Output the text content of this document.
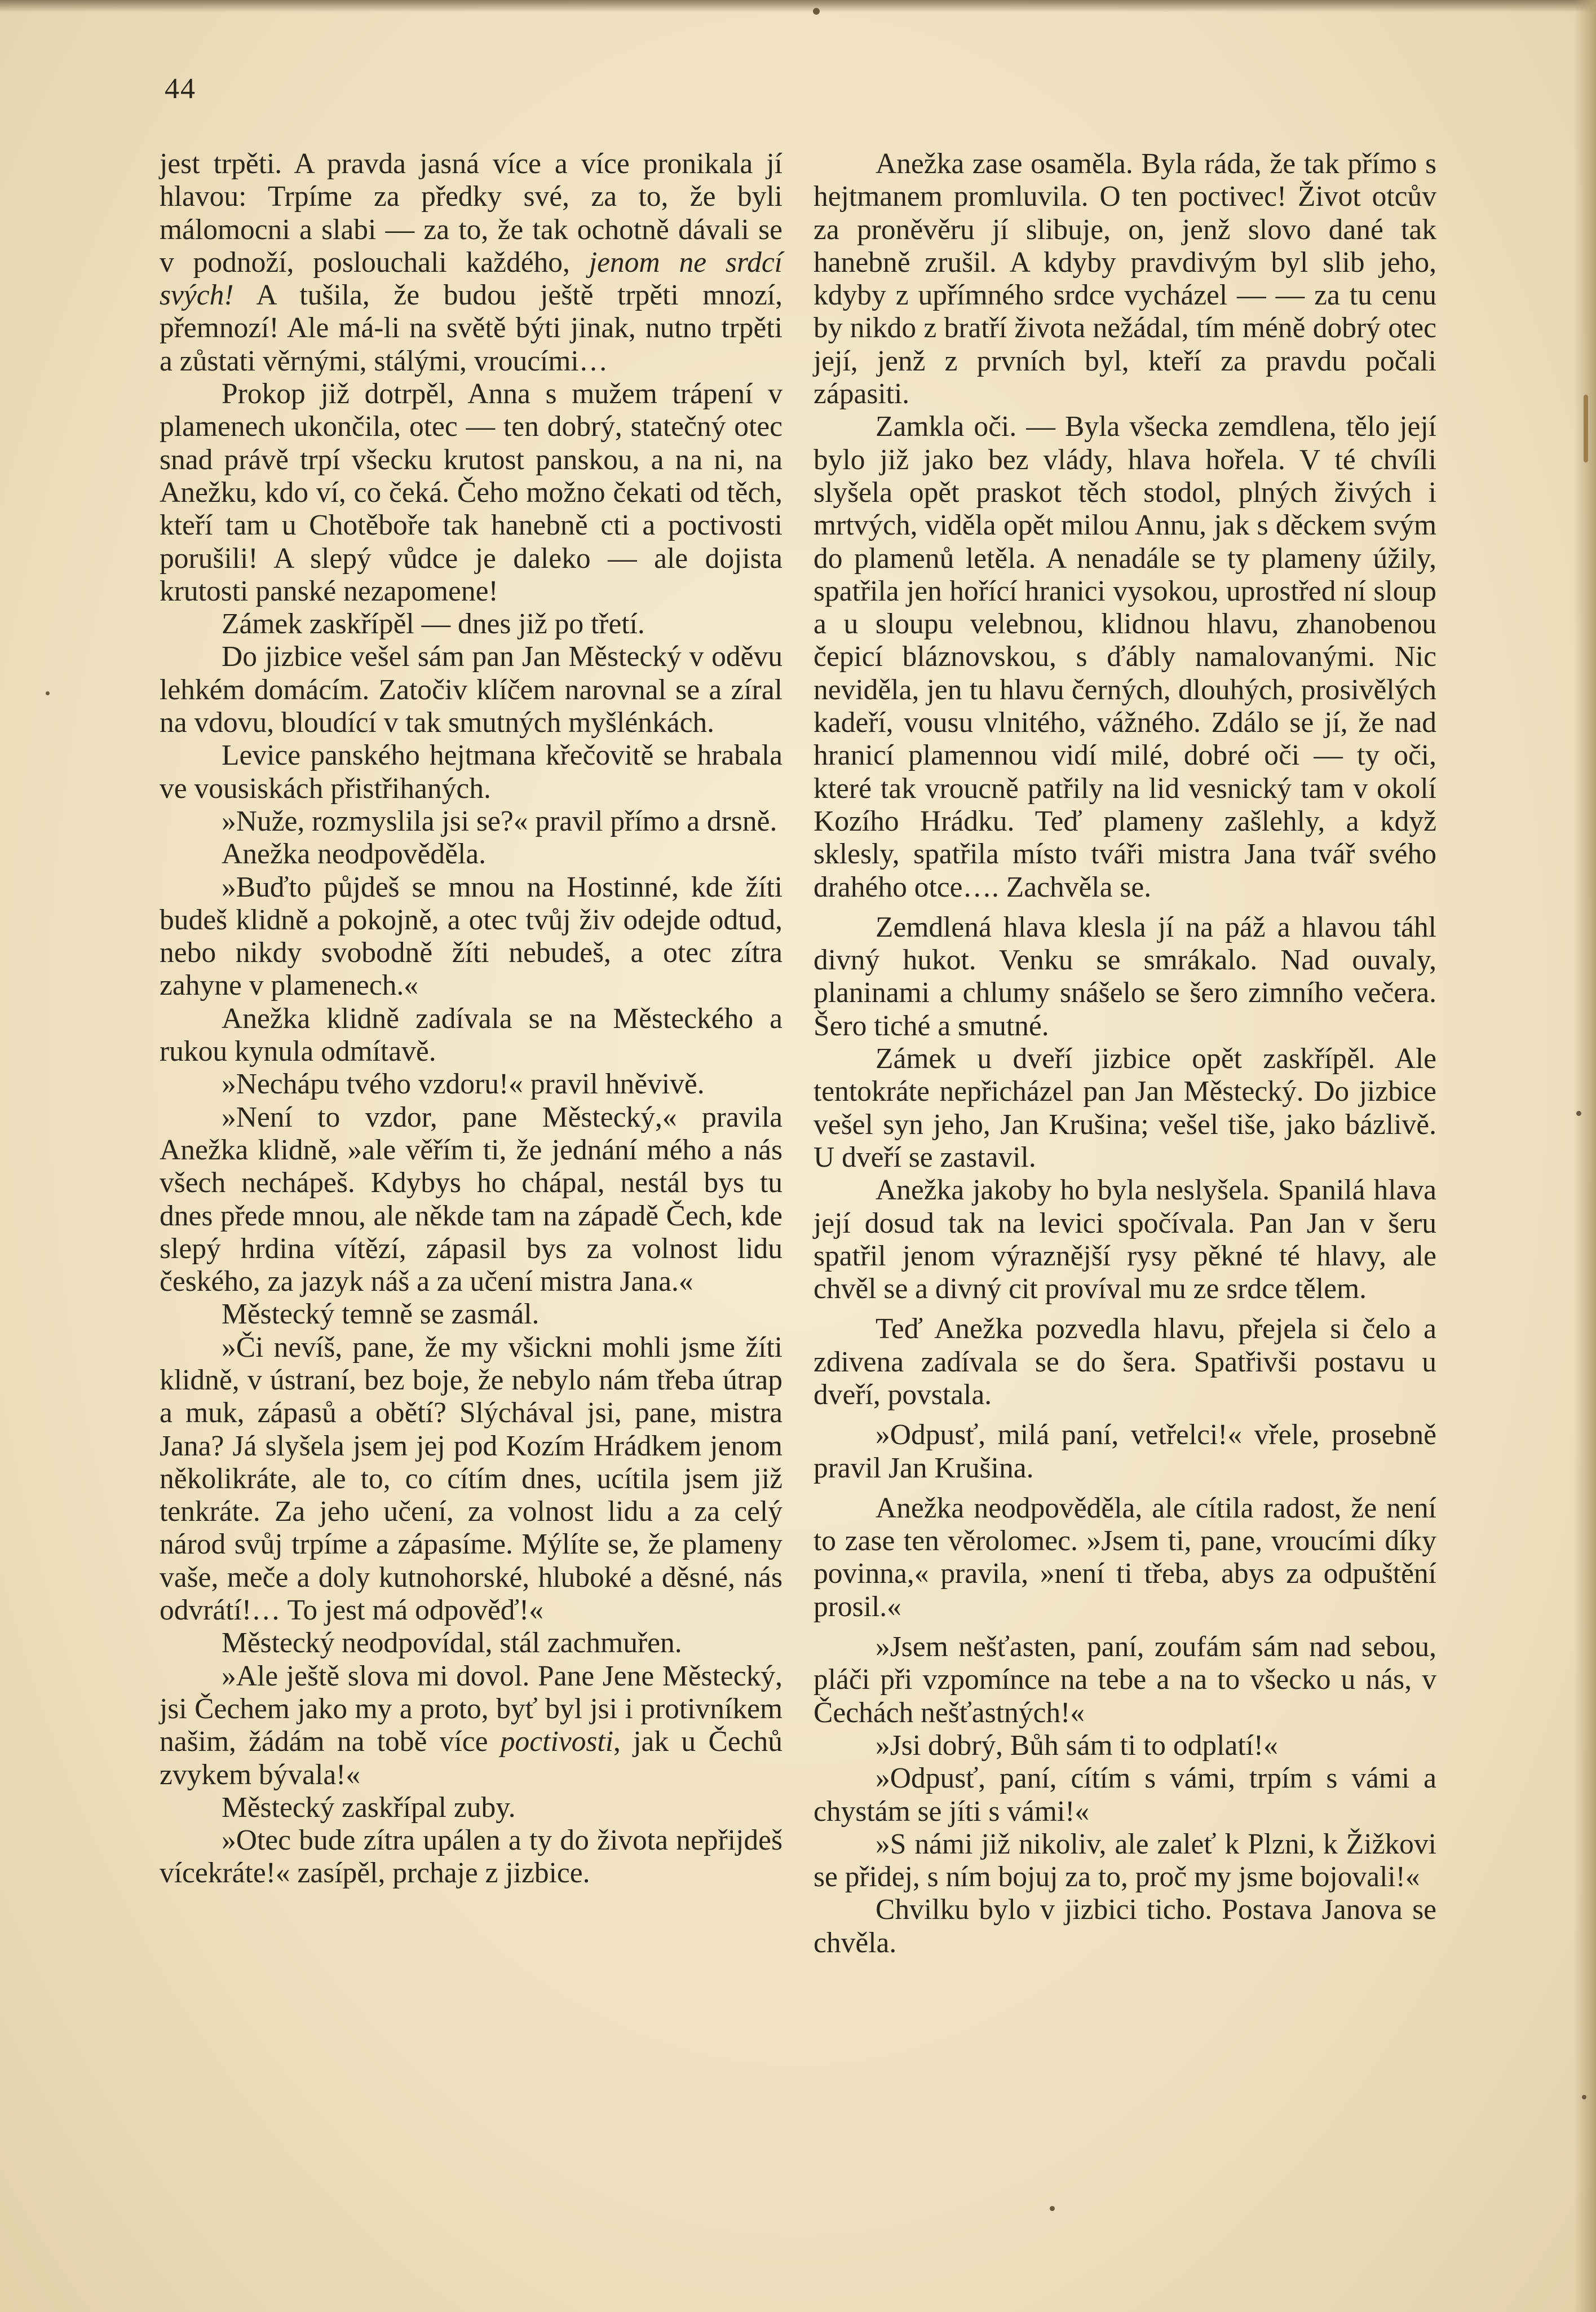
44

jest trpěti. A pravda jasná více a více pronikala jí hlavou: Trpíme za předky své, za to, že byli málomocni a slabi — za to, že tak ochotně dávali se v podnoží, poslouchali každého, jenom ne srdcí svých! A tušila, že budou ještě trpěti mnozí, přemnozí! Ale má-li na světě býti jinak, nutno trpěti a zůstati věrnými, stálými, vroucími…

Prokop již dotrpěl, Anna s mužem trápení v plamenech ukončila, otec — ten dobrý, statečný otec snad právě trpí všecku krutost panskou, a na ni, na Anežku, kdo ví, co čeká. Čeho možno čekati od těch, kteří tam u Chotěboře tak hanebně cti a poctivosti porušili! A slepý vůdce je daleko — ale dojista krutosti panské nezapomene!

Zámek zaskřípěl — dnes již po třetí.

Do jizbice vešel sám pan Jan Městecký v oděvu lehkém domácím. Zatočiv klíčem narovnal se a zíral na vdovu, bloudící v tak smutných myšlénkách.

Levice panského hejtmana křečovitě se hrabala ve vousiskách přistřihaných.

»Nuže, rozmyslila jsi se?« pravil přímo a drsně.

Anežka neodpověděla.

»Buďto půjdeš se mnou na Hostinné, kde žíti budeš klidně a pokojně, a otec tvůj živ odejde odtud, nebo nikdy svobodně žíti nebudeš, a otec zítra zahyne v plamenech.«

Anežka klidně zadívala se na Městeckého a rukou kynula odmítavě.

»Nechápu tvého vzdoru!« pravil hněvivě.

»Není to vzdor, pane Městecký,« pravila Anežka klidně, »ale věřím ti, že jednání mého a nás všech nechápeš. Kdybys ho chápal, nestál bys tu dnes přede mnou, ale někde tam na západě Čech, kde slepý hrdina vítězí, zápasil bys za volnost lidu českého, za jazyk náš a za učení mistra Jana.«

Městecký temně se zasmál.

»Či nevíš, pane, že my všickni mohli jsme žíti klidně, v ústraní, bez boje, že nebylo nám třeba útrap a muk, zápasů a obětí? Slýchával jsi, pane, mistra Jana? Já slyšela jsem jej pod Kozím Hrádkem jenom několikráte, ale to, co cítím dnes, ucítila jsem již tenkráte. Za jeho učení, za volnost lidu a za celý národ svůj trpíme a zápasíme. Mýlíte se, že plameny vaše, meče a doly kutnohorské, hluboké a děsné, nás odvrátí!… To jest má odpověď!«

Městecký neodpovídal, stál zachmuřen.

»Ale ještě slova mi dovol. Pane Jene Městecký, jsi Čechem jako my a proto, byť byl jsi i protivníkem našim, žádám na tobě více poctivosti, jak u Čechů zvykem bývala!«

Městecký zaskřípal zuby.

»Otec bude zítra upálen a ty do života nepřijdeš vícekráte!« zasípěl, prchaje z jizbice.

Anežka zase osaměla. Byla ráda, že tak přímo s hejtmanem promluvila. O ten poctivec! Život otcův za proněvěru jí slibuje, on, jenž slovo dané tak hanebně zrušil. A kdyby pravdivým byl slib jeho, kdyby z upřímného srdce vycházel — — za tu cenu by nikdo z bratří života nežádal, tím méně dobrý otec její, jenž z prvních byl, kteří za pravdu počali zápasiti.

Zamkla oči. — Byla všecka zemdlena, tělo její bylo již jako bez vlády, hlava hořela. V té chvíli slyšela opět praskot těch stodol, plných živých i mrtvých, viděla opět milou Annu, jak s děckem svým do plamenů letěla. A nenadále se ty plameny úžily, spatřila jen hořící hranici vysokou, uprostřed ní sloup a u sloupu velebnou, klidnou hlavu, zhanobenou čepicí bláznovskou, s ďábly namalovanými. Nic neviděla, jen tu hlavu černých, dlouhých, prosivělých kadeří, vousu vlnitého, vážného. Zdálo se jí, že nad hranicí plamennou vidí milé, dobré oči — ty oči, které tak vroucně patřily na lid vesnický tam v okolí Kozího Hrádku. Teď plameny zašlehly, a když sklesly, spatřila místo tváři mistra Jana tvář svého drahého otce…. Zachvěla se.

Zemdlená hlava klesla jí na páž a hlavou táhl divný hukot. Venku se smrákalo. Nad ouvaly, planinami a chlumy snášelo se šero zimního večera. Šero tiché a smutné.

Zámek u dveří jizbice opět zaskřípěl. Ale tentokráte nepřicházel pan Jan Městecký. Do jizbice vešel syn jeho, Jan Krušina; vešel tiše, jako bázlivě. U dveří se zastavil.

Anežka jakoby ho byla neslyšela. Spanilá hlava její dosud tak na levici spočívala. Pan Jan v šeru spatřil jenom výraznější rysy pěkné té hlavy, ale chvěl se a divný cit províval mu ze srdce tělem.

Teď Anežka pozvedla hlavu, přejela si čelo a zdivena zadívala se do šera. Spatřivši postavu u dveří, povstala.

»Odpusť, milá paní, vetřelci!« vřele, prosebně pravil Jan Krušina.

Anežka neodpověděla, ale cítila radost, že není to zase ten věrolomec. »Jsem ti, pane, vroucími díky povinna,« pravila, »není ti třeba, abys za odpuštění prosil.«

»Jsem nešťasten, paní, zoufám sám nad sebou, pláči při vzpomínce na tebe a na to všecko u nás, v Čechách nešťastných!«

»Jsi dobrý, Bůh sám ti to odplatí!«

»Odpusť, paní, cítím s vámi, trpím s vámi a chystám se jíti s vámi!«

»S námi již nikoliv, ale zaleť k Plzni, k Žižkovi se přidej, s ním bojuj za to, proč my jsme bojovali!«

Chvilku bylo v jizbici ticho. Postava Janova se chvěla.
